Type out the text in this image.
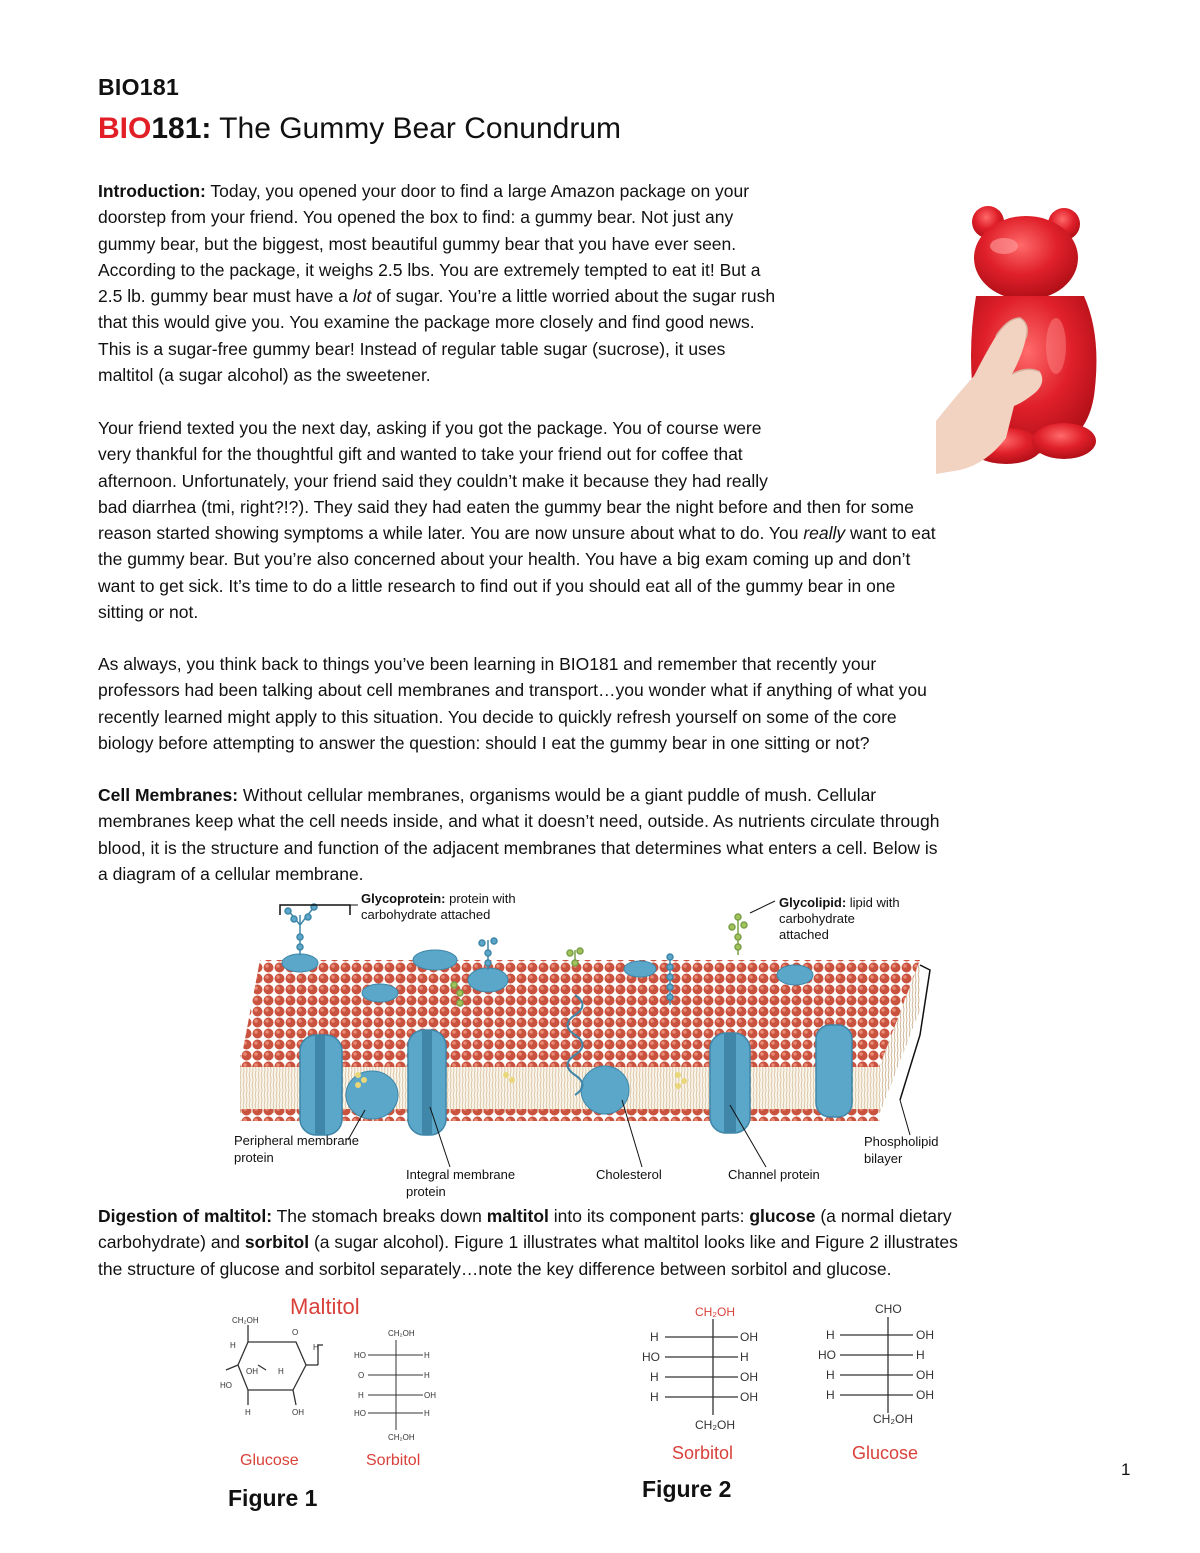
BIO181
BIO181: The Gummy Bear Conundrum
Introduction: Today, you opened your door to find a large Amazon package on your
doorstep from your friend. You opened the box to find: a gummy bear. Not just any
gummy bear, but the biggest, most beautiful gummy bear that you have ever seen.
According to the package, it weighs 2.5 lbs. You are extremely tempted to eat it! But a
2.5 lb. gummy bear must have a lot of sugar. You’re a little worried about the sugar rush
that this would give you. You examine the package more closely and find good news.
This is a sugar-free gummy bear! Instead of regular table sugar (sucrose), it uses
maltitol (a sugar alcohol) as the sweetener.
Your friend texted you the next day, asking if you got the package. You of course were
very thankful for the thoughtful gift and wanted to take your friend out for coffee that
afternoon. Unfortunately, your friend said they couldn’t make it because they had really
bad diarrhea (tmi, right?!?). They said they had eaten the gummy bear the night before and then for some
reason started showing symptoms a while later. You are now unsure about what to do. You really want to eat
the gummy bear. But you’re also concerned about your health. You have a big exam coming up and don’t
want to get sick. It’s time to do a little research to find out if you should eat all of the gummy bear in one
sitting or not.
As always, you think back to things you’ve been learning in BIO181 and remember that recently your
professors had been talking about cell membranes and transport…you wonder what if anything of what you
recently learned might apply to this situation. You decide to quickly refresh yourself on some of the core
biology before attempting to answer the question: should I eat the gummy bear in one sitting or not?
Cell Membranes: Without cellular membranes, organisms would be a giant puddle of mush. Cellular
membranes keep what the cell needs inside, and what it doesn’t need, outside. As nutrients circulate through
blood, it is the structure and function of the adjacent membranes that determines what enters a cell. Below is
a diagram of a cellular membrane.
Glycoprotein: protein with
carbohydrate attached
Glycolipid: lipid with
carbohydrate
attached
Peripheral membrane
protein
Integral membrane
protein
Cholesterol	Channel protein
Phospholipid
bilayer
Digestion of maltitol: The stomach breaks down maltitol into its component parts: glucose (a normal dietary
carbohydrate) and sorbitol (a sugar alcohol). Figure 1 illustrates what maltitol looks like and Figure 2 illustrates
the structure of glucose and sorbitol separately…note the key difference between sorbitol and glucose.
Maltitol
CH₂OH
O
H	H
OH	H
HO
H	OH
CH₂OH
HO	H
O	H
H	OH
HO	H
CH₂OH
Glucose	Sorbitol
Figure 1
CH₂OH
H	OH
HO	H
H	OH
H	OH
CH₂OH
CHO
H	OH
HO	H
H	OH
H	OH
CH₂OH
Sorbitol	Glucose
Figure 2
1
